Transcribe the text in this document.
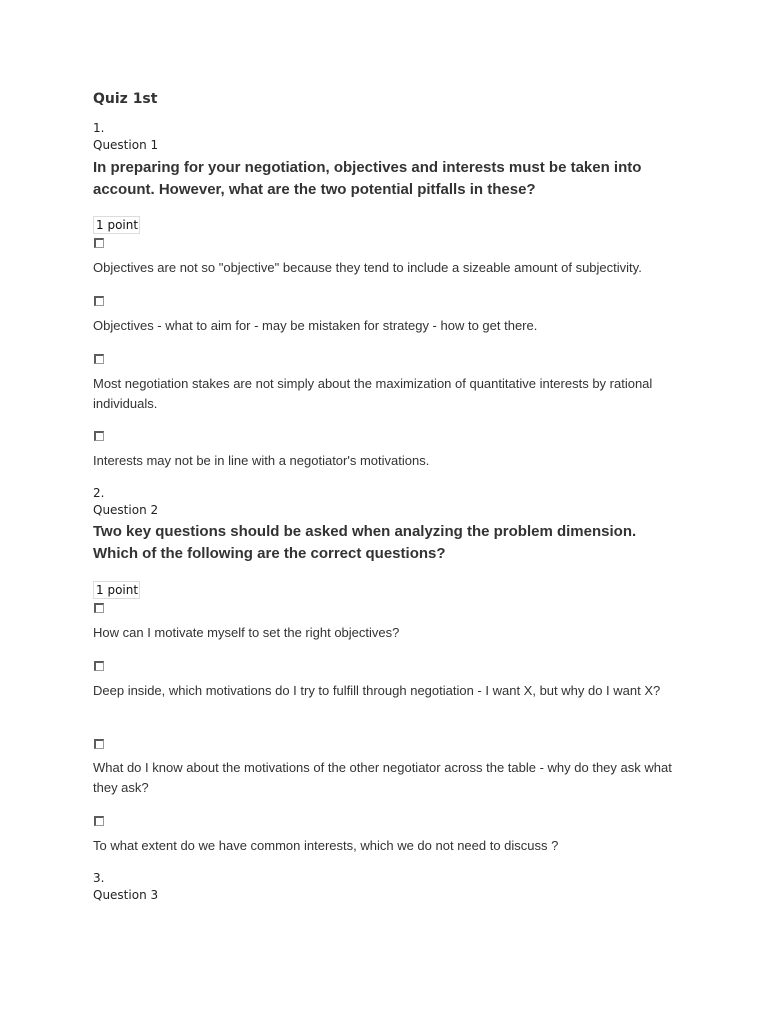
Quiz 1st
1.
Question 1

In preparing for your negotiation, objectives and interests must be taken into account. However, what are the two potential pitfalls in these?

1 point

Objectives are not so "objective" because they tend to include a sizeable amount of subjectivity.

Objectives - what to aim for - may be mistaken for strategy - how to get there.

Most negotiation stakes are not simply about the maximization of quantitative interests by rational individuals.

Interests may not be in line with a negotiator's motivations.

2.
Question 2

Two key questions should be asked when analyzing the problem dimension. Which of the following are the correct questions?

1 point

How can I motivate myself to set the right objectives?

Deep inside, which motivations do I try to fulfill through negotiation - I want X, but why do I want X?

What do I know about the motivations of the other negotiator across the table - why do they ask what they ask?

To what extent do we have common interests, which we do not need to discuss ?

3.
Question 3
